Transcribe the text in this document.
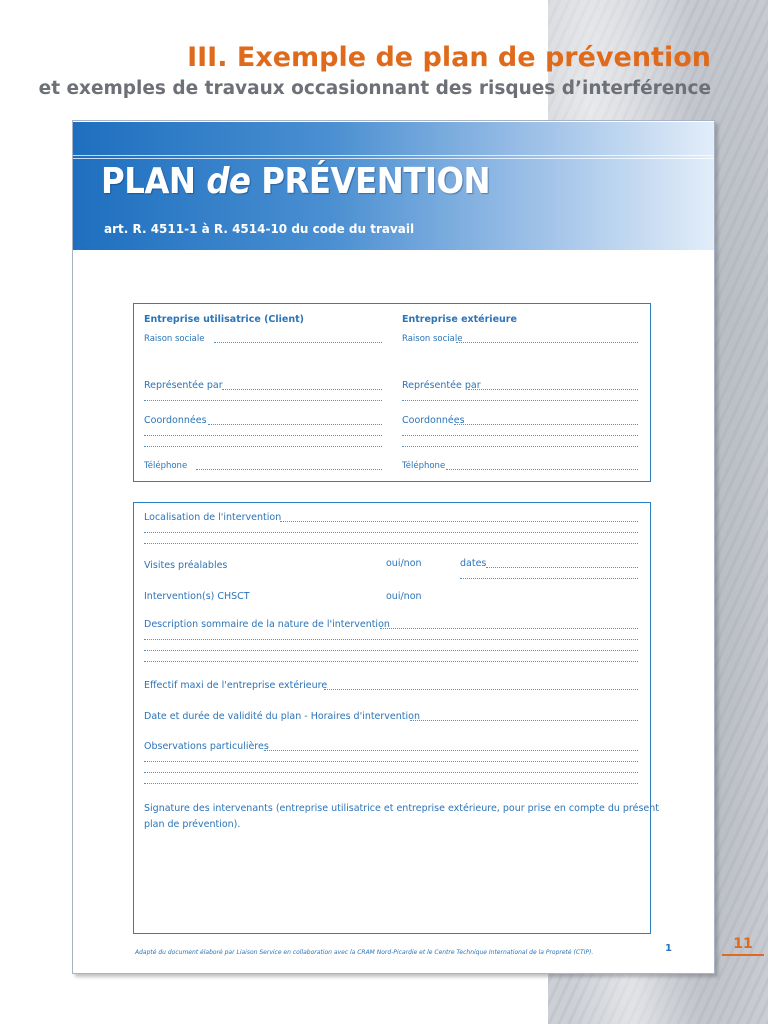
III. Exemple de plan de prévention
et exemples de travaux occasionnant des risques d’interférence
PLAN de PRÉVENTION

art. R. 4511-1 à R. 4514-10 du code du travail

Entreprise utilisatrice (Client)	Entreprise extérieure
Raison sociale	Raison sociale
Représentée par	Représentée par
Coordonnées	Coordonnées
Téléphone	Téléphone
Localisation de l'intervention
Visites préalables	oui/non	dates
Intervention(s) CHSCT	oui/non
Description sommaire de la nature de l'intervention
Effectif maxi de l'entreprise extérieure
Date et durée de validité du plan - Horaires d'intervention
Observations particulières
Signature des intervenants (entreprise utilisatrice et entreprise extérieure, pour prise en compte du présent
plan de prévention).

Adapté du document élaboré par Liaison Service en collaboration avec la CRAM Nord-Picardie et le Centre Technique International de la Propreté (CTIP).	1	11
